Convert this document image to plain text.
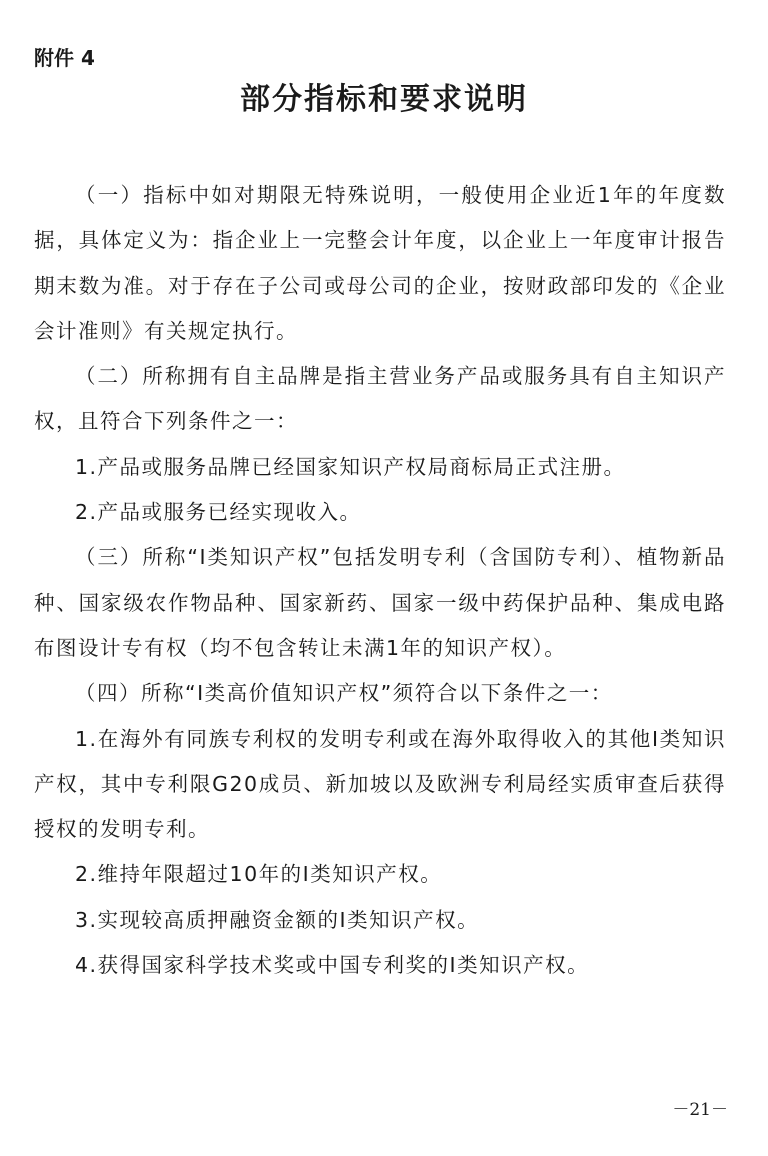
附件 4
部分指标和要求说明

（一）指标中如对期限无特殊说明，一般使用企业近1年的年度数据，具体定义为：指企业上一完整会计年度，以企业上一年度审计报告期末数为准。对于存在子公司或母公司的企业，按财政部印发的《企业会计准则》有关规定执行。

（二）所称拥有自主品牌是指主营业务产品或服务具有自主知识产权，且符合下列条件之一：

1.产品或服务品牌已经国家知识产权局商标局正式注册。

2.产品或服务已经实现收入。

（三）所称“I类知识产权”包括发明专利（含国防专利）、植物新品种、国家级农作物品种、国家新药、国家一级中药保护品种、集成电路布图设计专有权（均不包含转让未满1年的知识产权）。

（四）所称“I类高价值知识产权”须符合以下条件之一：

1.在海外有同族专利权的发明专利或在海外取得收入的其他I类知识产权，其中专利限G20成员、新加坡以及欧洲专利局经实质审查后获得授权的发明专利。

2.维持年限超过10年的I类知识产权。

3.实现较高质押融资金额的I类知识产权。

4.获得国家科学技术奖或中国专利奖的I类知识产权。

－21－
